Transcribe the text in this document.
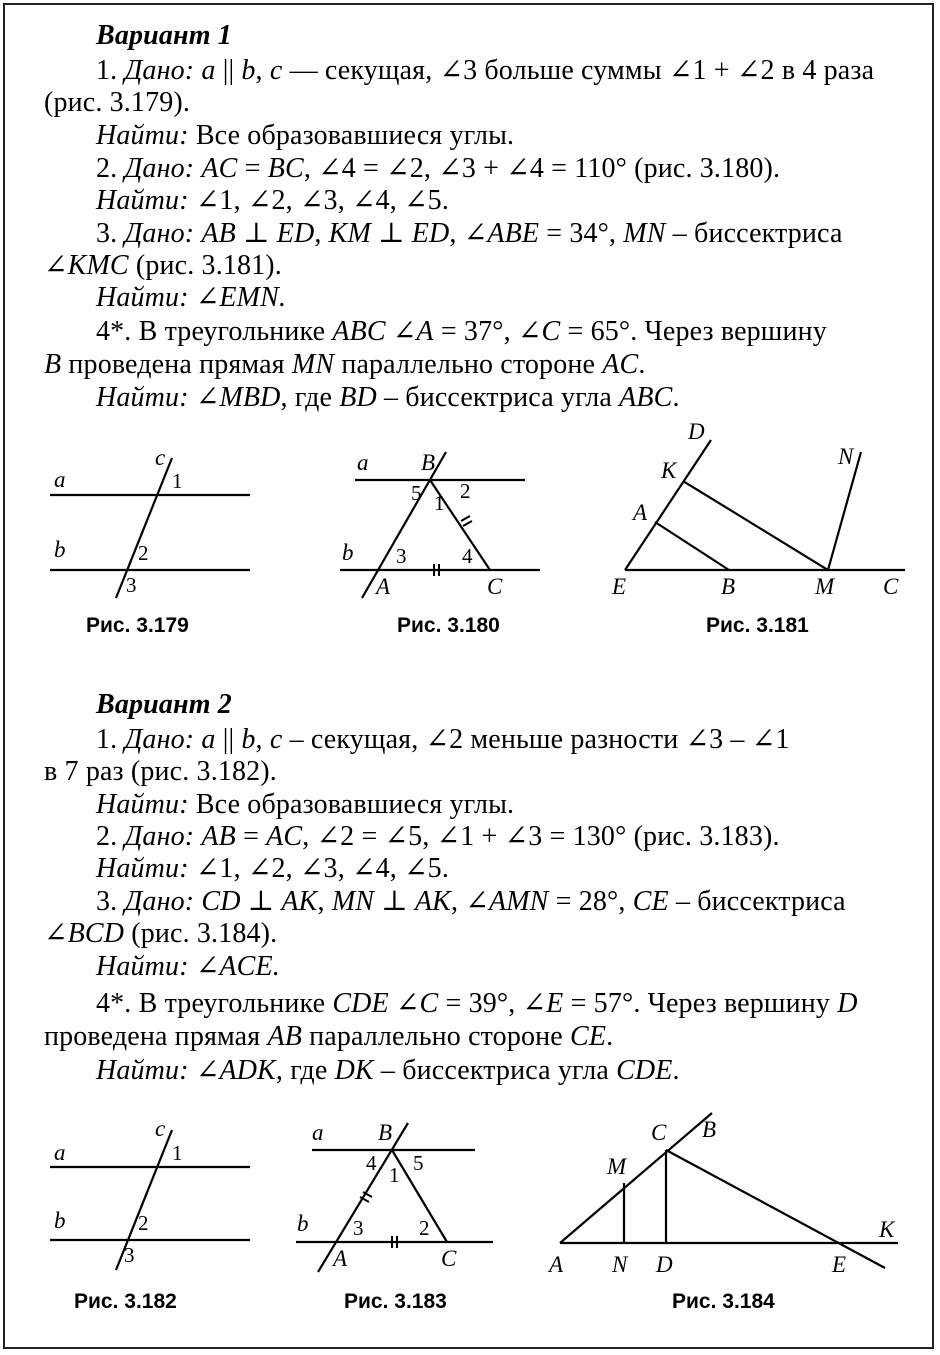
Вариант 1

1. Дано: a || b, c — секущая, ∠3 больше суммы ∠1 + ∠2 в 4 раза

(рис. 3.179).

Найти: Все образовавшиеся углы.

2. Дано: AC = BC, ∠4 = ∠2, ∠3 + ∠4 = 110° (рис. 3.180).

Найти: ∠1, ∠2, ∠3, ∠4, ∠5.

3. Дано: AB ⊥ ED, KM ⊥ ED, ∠ABE = 34°, MN – биссектриса

∠KMC (рис. 3.181).

Найти: ∠EMN.

4*. В треугольнике ABC ∠A = 37°, ∠C = 65°. Через вершину

B проведена прямая MN параллельно стороне AC.

Найти: ∠MBD, где BD – биссектриса угла ABC.

a
b
c
1
2
3

Рис. 3.179

a
b
B
A	C
5 1 2
3	4

Рис. 3.180

D
K
A
E	B	M C
N

Рис. 3.181

Вариант 2

1. Дано: a || b, c – секущая, ∠2 меньше разности ∠3 – ∠1

в 7 раз (рис. 3.182).

Найти: Все образовавшиеся углы.

2. Дано: AB = AC, ∠2 = ∠5, ∠1 + ∠3 = 130° (рис. 3.183).

Найти: ∠1, ∠2, ∠3, ∠4, ∠5.

3. Дано: CD ⊥ AK, MN ⊥ AK, ∠AMN = 28°, CE – биссектриса

∠BCD (рис. 3.184).

Найти: ∠ACE.

4*. В треугольнике CDE ∠C = 39°, ∠E = 57°. Через вершину D

проведена прямая AB параллельно стороне CE.

Найти: ∠ADK, где DK – биссектриса угла CDE.

a
b
c
1
2
3

Рис. 3.182

a
b
B
A	C
4 1 5
3	2

Рис. 3.183

A N D	E
K
M
C B

Рис. 3.184
